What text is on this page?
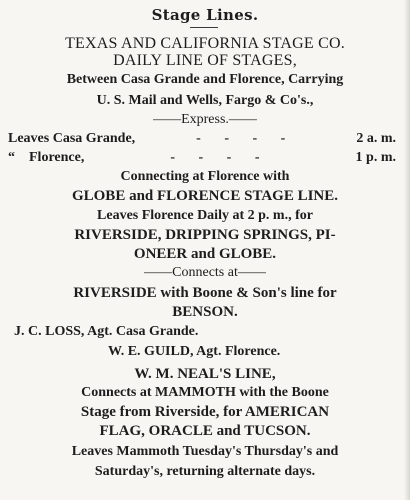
Stage Lines.
TEXAS AND CALIFORNIA STAGE CO.
DAILY LINE OF STAGES,
Between Casa Grande and Florence, Carrying
U. S. Mail and Wells, Fargo & Co's.,
——Express.——
Leaves Casa Grande,	- - - -	2 a. m.
“    Florence,	- - - -	1 p. m.
Connecting at Florence with
GLOBE and FLORENCE STAGE LINE.
Leaves Florence Daily at 2 p. m., for
RIVERSIDE, DRIPPING SPRINGS, PI-
ONEER and GLOBE.
——Connects at——
RIVERSIDE with Boone & Son's line for
BENSON.
J. C. LOSS, Agt. Casa Grande.
W. E. GUILD, Agt. Florence.
W. M. NEAL'S LINE,
Connects at MAMMOTH with the Boone
Stage from Riverside, for AMERICAN
FLAG, ORACLE and TUCSON.
Leaves Mammoth Tuesday's Thursday's and
Saturday's, returning alternate days.
